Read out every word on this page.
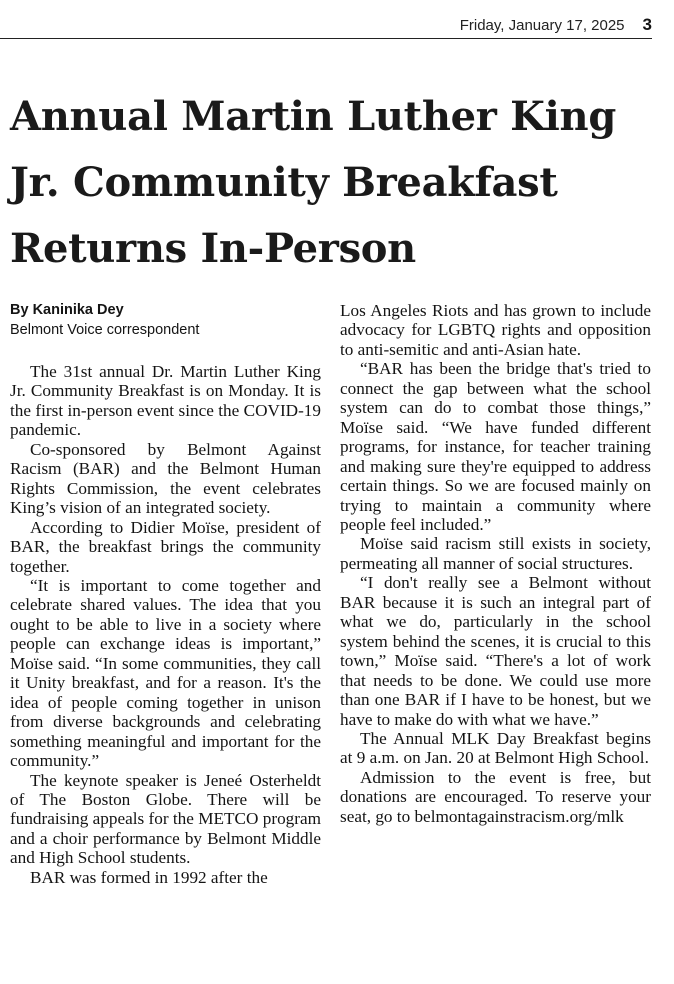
Friday, January 17, 2025 3
Annual Martin Luther King
Jr. Community Breakfast
Returns In-Person
By Kaninika Dey
Belmont Voice correspondent

The 31st annual Dr. Martin Luther King Jr. Community Breakfast is on Monday. It is the first in-person event since the COVID-19 pandemic.

Co-sponsored by Belmont Against Racism (BAR) and the Belmont Human Rights Commission, the event celebrates King’s vision of an integrated society.

According to Didier Moïse, president of BAR, the breakfast brings the community together.

“It is important to come together and celebrate shared values. The idea that you ought to be able to live in a society where people can exchange ideas is important,” Moïse said. “In some communities, they call it Unity breakfast, and for a reason. It's the idea of people coming together in unison from diverse backgrounds and celebrating something meaningful and important for the community.”

The keynote speaker is Jeneé Osterheldt of The Boston Globe. There will be fundraising appeals for the METCO program and a choir performance by Belmont Middle and High School students.

BAR was formed in 1992 after the

Los Angeles Riots and has grown to include advocacy for LGBTQ rights and opposition to anti-semitic and anti-Asian hate.

“BAR has been the bridge that's tried to connect the gap between what the school system can do to combat those things,” Moïse said. “We have funded different programs, for instance, for teacher training and making sure they're equipped to address certain things. So we are focused mainly on trying to maintain a community where people feel included.”

Moïse said racism still exists in society, permeating all manner of social structures.

“I don't really see a Belmont without BAR because it is such an integral part of what we do, particularly in the school system behind the scenes, it is crucial to this town,” Moïse said. “There's a lot of work that needs to be done. We could use more than one BAR if I have to be honest, but we have to make do with what we have.”

The Annual MLK Day Breakfast begins at 9 a.m. on Jan. 20 at Belmont High School.

Admission to the event is free, but donations are encouraged. To reserve your seat, go to belmontagainstracism.org/mlk
